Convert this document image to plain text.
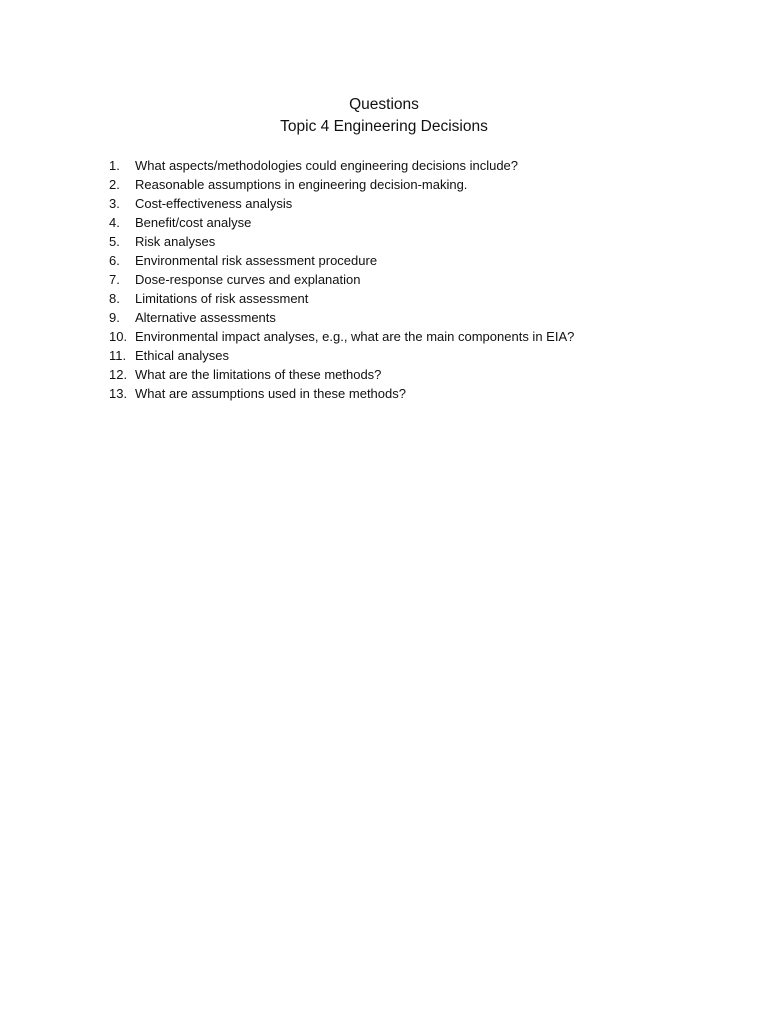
Questions
Topic 4 Engineering Decisions
1.	What aspects/methodologies could engineering decisions include?
2.	Reasonable assumptions in engineering decision-making.
3.	Cost-effectiveness analysis
4.	Benefit/cost analyse
5.	Risk analyses
6.	Environmental risk assessment procedure
7.	Dose-response curves and explanation
8.	Limitations of risk assessment
9.	Alternative assessments
10. Environmental impact analyses, e.g., what are the main components in EIA?
11. Ethical analyses
12. What are the limitations of these methods?
13. What are assumptions used in these methods?
